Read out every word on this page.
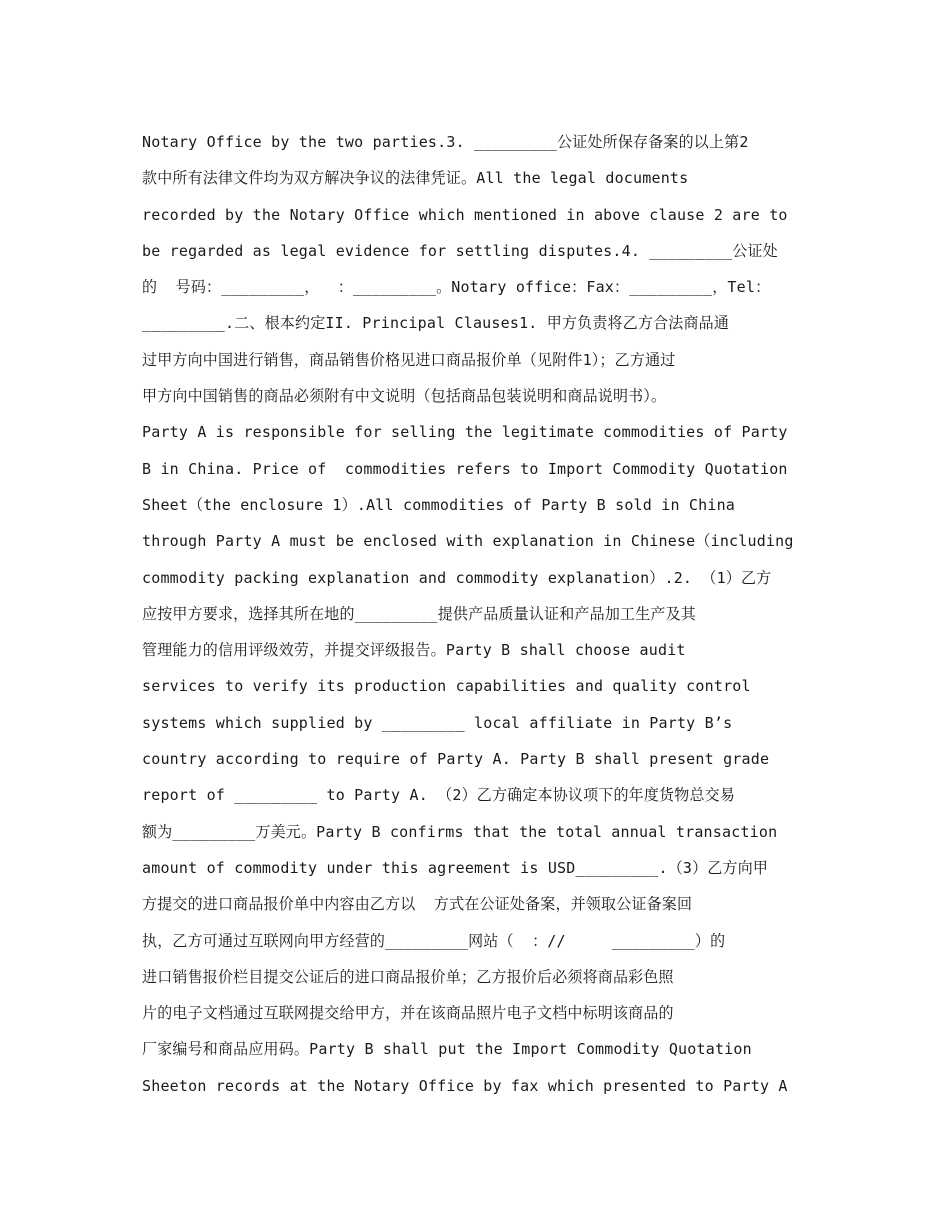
Notary Office by the two parties.3. _________公证处所保存备案的以上第2
款中所有法律文件均为双方解决争议的法律凭证。All the legal documents
recorded by the Notary Office which mentioned in above clause 2 are to
be regarded as legal evidence for settling disputes.4. _________公证处
的  号码：_________，  ：_________。Notary office：Fax：_________，Tel：
_________.二、根本约定II. Principal Clauses1. 甲方负责将乙方合法商品通
过甲方向中国进行销售，商品销售价格见进口商品报价单（见附件1）；乙方通过
甲方向中国销售的商品必须附有中文说明（包括商品包装说明和商品说明书）。
Party A is responsible for selling the legitimate commodities of Party
B in China. Price of  commodities refers to Import Commodity Quotation
Sheet（the enclosure 1）.All commodities of Party B sold in China
through Party A must be enclosed with explanation in Chinese（including
commodity packing explanation and commodity explanation）.2. （1）乙方
应按甲方要求，选择其所在地的_________提供产品质量认证和产品加工生产及其
管理能力的信用评级效劳，并提交评级报告。Party B shall choose audit
services to verify its production capabilities and quality control
systems which supplied by _________ local affiliate in Party B’s
country according to require of Party A. Party B shall present grade
report of _________ to Party A. （2）乙方确定本协议项下的年度货物总交易
额为_________万美元。Party B confirms that the total annual transaction
amount of commodity under this agreement is USD_________.（3）乙方向甲
方提交的进口商品报价单中内容由乙方以  方式在公证处备案，并领取公证备案回
执，乙方可通过互联网向甲方经营的_________网站（  ：//     _________）的
进口销售报价栏目提交公证后的进口商品报价单；乙方报价后必须将商品彩色照
片的电子文档通过互联网提交给甲方，并在该商品照片电子文档中标明该商品的
厂家编号和商品应用码。Party B shall put the Import Commodity Quotation
Sheeton records at the Notary Office by fax which presented to Party A
